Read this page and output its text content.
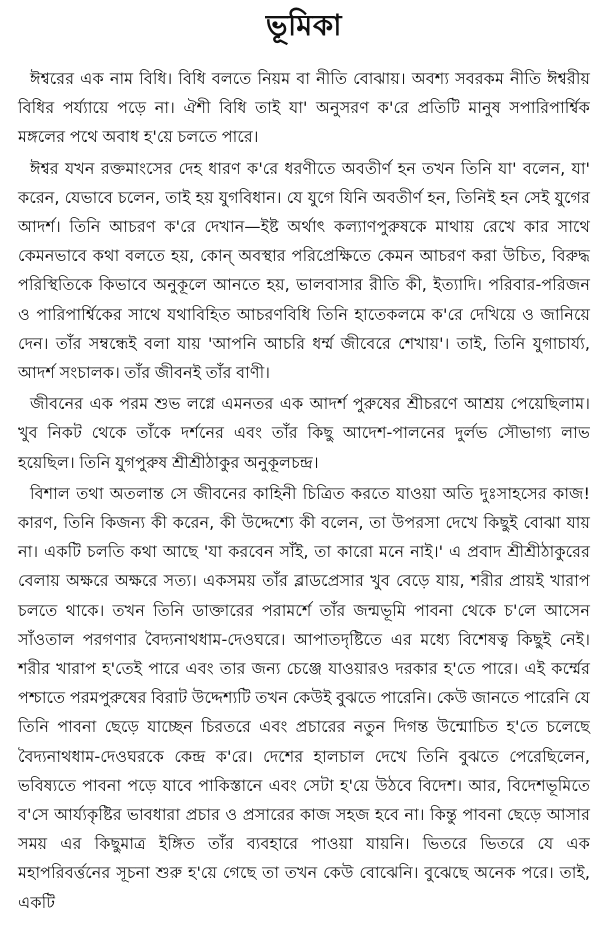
ভূমিকা

ঈশ্বরের এক নাম বিধি। বিধি বলতে নিয়ম বা নীতি বোঝায়। অবশ্য সবরকম নীতি ঈশ্বরীয় বিধির পর্য্যায়ে পড়ে না। ঐশী বিধি তাই যা' অনুসরণ ক'রে প্রতিটি মানুষ সপারিপার্শ্বিক মঙ্গলের পথে অবাধ হ'য়ে চলতে পারে।

ঈশ্বর যখন রক্তমাংসের দেহ ধারণ ক'রে ধরণীতে অবতীর্ণ হন তখন তিনি যা' বলেন, যা' করেন, যেভাবে চলেন, তাই হয় যুগবিধান। যে যুগে যিনি অবতীর্ণ হন, তিনিই হন সেই যুগের আদর্শ। তিনি আচরণ ক'রে দেখান—ইষ্ট অর্থাৎ কল্যাণপুরুষকে মাথায় রেখে কার সাথে কেমনভাবে কথা বলতে হয়, কোন্ অবস্থার পরিপ্রেক্ষিতে কেমন আচরণ করা উচিত, বিরুদ্ধ পরিস্থিতিকে কিভাবে অনুকূলে আনতে হয়, ভালবাসার রীতি কী, ইত্যাদি। পরিবার-পরিজন ও পারিপার্শ্বিকের সাথে যথাবিহিত আচরণবিধি তিনি হাতেকলমে ক'রে দেখিয়ে ও জানিয়ে দেন। তাঁর সম্বন্ধেই বলা যায় 'আপনি আচরি ধর্ম্ম জীবেরে শেখায়'। তাই, তিনি যুগাচার্য্য, আদর্শ সংচালক। তাঁর জীবনই তাঁর বাণী।

জীবনের এক পরম শুভ লগ্নে এমনতর এক আদর্শ পুরুষের শ্রীচরণে আশ্রয় পেয়েছিলাম। খুব নিকট থেকে তাঁকে দর্শনের এবং তাঁর কিছু আদেশ-পালনের দুর্লভ সৌভাগ্য লাভ হয়েছিল। তিনি যুগপুরুষ শ্রীশ্রীঠাকুর অনুকূলচন্দ্র।

বিশাল তথা অতলান্ত সে জীবনের কাহিনী চিত্রিত করতে যাওয়া অতি দুঃসাহসের কাজ! কারণ, তিনি কিজন্য কী করেন, কী উদ্দেশ্যে কী বলেন, তা উপরসা দেখে কিছুই বোঝা যায় না। একটি চলতি কথা আছে 'যা করবেন সাঁই, তা কারো মনে নাই।' এ প্রবাদ শ্রীশ্রীঠাকুরের বেলায় অক্ষরে অক্ষরে সত্য। একসময় তাঁর ব্লাডপ্রেসার খুব বেড়ে যায়, শরীর প্রায়ই খারাপ চলতে থাকে। তখন তিনি ডাক্তারের পরামর্শে তাঁর জন্মভূমি পাবনা থেকে চ'লে আসেন সাঁওতাল পরগণার বৈদ্যনাথধাম-দেওঘরে। আপাতদৃষ্টিতে এর মধ্যে বিশেষত্ব কিছুই নেই। শরীর খারাপ হ'তেই পারে এবং তার জন্য চেঞ্জে যাওয়ারও দরকার হ'তে পারে। এই কর্ম্মের পশ্চাতে পরমপুরুষের বিরাট উদ্দেশ্যটি তখন কেউই বুঝতে পারেনি। কেউ জানতে পারেনি যে তিনি পাবনা ছেড়ে যাচ্ছেন চিরতরে এবং প্রচারের নতুন দিগন্ত উন্মোচিত হ'তে চলেছে বৈদ্যনাথধাম-দেওঘরকে কেন্দ্র ক'রে। দেশের হালচাল দেখে তিনি বুঝতে পেরেছিলেন, ভবিষ্যতে পাবনা পড়ে যাবে পাকিস্তানে এবং সেটা হ'য়ে উঠবে বিদেশ। আর, বিদেশভূমিতে ব'সে আর্য্যকৃষ্টির ভাবধারা প্রচার ও প্রসারের কাজ সহজ হবে না। কিন্তু পাবনা ছেড়ে আসার সময় এর কিছুমাত্র ইঙ্গিত তাঁর ব্যবহারে পাওয়া যায়নি। ভিতরে ভিতরে যে এক মহাপরিবর্ত্তনের সূচনা শুরু হ'য়ে গেছে তা তখন কেউ বোঝেনি। বুঝেছে অনেক পরে। তাই, একটি
